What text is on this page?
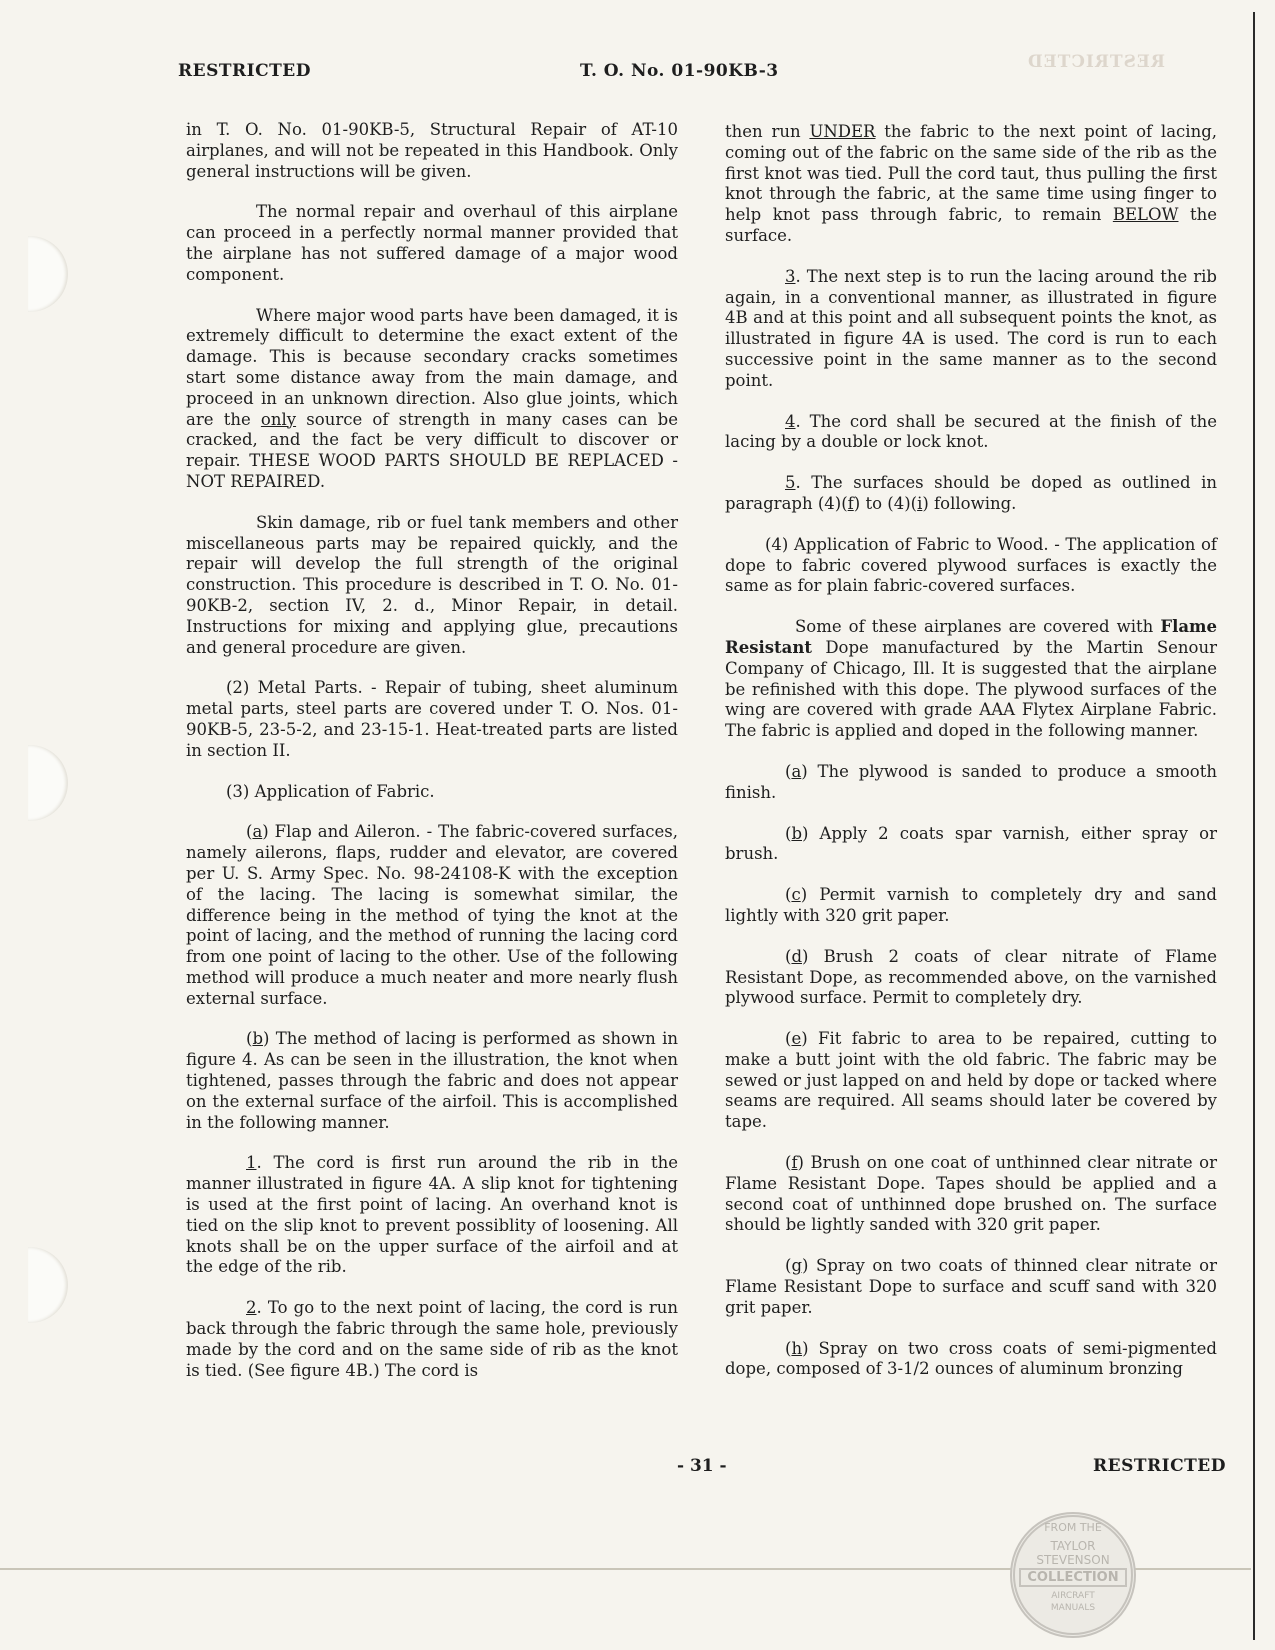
RESTRICTED	T. O. No. 01-90KB-3	RESTRICTED

in T. O. No. 01-90KB-5, Structural Repair of AT-10 airplanes, and will not be repeated in this Handbook. Only general instructions will be given.

The normal repair and overhaul of this airplane can proceed in a perfectly normal manner provided that the airplane has not suffered damage of a major wood component.

Where major wood parts have been damaged, it is extremely difficult to determine the exact extent of the damage. This is because secondary cracks sometimes start some distance away from the main damage, and proceed in an unknown direction. Also glue joints, which are the only source of strength in many cases can be cracked, and the fact be very difficult to discover or repair. THESE WOOD PARTS SHOULD BE REPLACED - NOT REPAIRED.

Skin damage, rib or fuel tank members and other miscellaneous parts may be repaired quickly, and the repair will develop the full strength of the original construction. This procedure is described in T. O. No. 01-90KB-2, section IV, 2. d., Minor Repair, in detail. Instructions for mixing and applying glue, precautions and general procedure are given.

(2) Metal Parts. - Repair of tubing, sheet aluminum metal parts, steel parts are covered under T. O. Nos. 01-90KB-5, 23-5-2, and 23-15-1. Heat-treated parts are listed in section II.

(3) Application of Fabric.

(a) Flap and Aileron. - The fabric-covered surfaces, namely ailerons, flaps, rudder and elevator, are covered per U. S. Army Spec. No. 98-24108-K with the exception of the lacing. The lacing is somewhat similar, the difference being in the method of tying the knot at the point of lacing, and the method of running the lacing cord from one point of lacing to the other. Use of the following method will produce a much neater and more nearly flush external surface.

(b) The method of lacing is performed as shown in figure 4. As can be seen in the illustration, the knot when tightened, passes through the fabric and does not appear on the external surface of the airfoil. This is accomplished in the following manner.

1. The cord is first run around the rib in the manner illustrated in figure 4A. A slip knot for tightening is used at the first point of lacing. An overhand knot is tied on the slip knot to prevent possiblity of loosening. All knots shall be on the upper surface of the airfoil and at the edge of the rib.

2. To go to the next point of lacing, the cord is run back through the fabric through the same hole, previously made by the cord and on the same side of rib as the knot is tied. (See figure 4B.) The cord is

then run UNDER the fabric to the next point of lacing, coming out of the fabric on the same side of the rib as the first knot was tied. Pull the cord taut, thus pulling the first knot through the fabric, at the same time using finger to help knot pass through fabric, to remain BELOW the surface.

3. The next step is to run the lacing around the rib again, in a conventional manner, as illustrated in figure 4B and at this point and all subsequent points the knot, as illustrated in figure 4A is used. The cord is run to each successive point in the same manner as to the second point.

4. The cord shall be secured at the finish of the lacing by a double or lock knot.

5. The surfaces should be doped as outlined in paragraph (4)(f) to (4)(i) following.

(4) Application of Fabric to Wood. - The application of dope to fabric covered plywood surfaces is exactly the same as for plain fabric-covered surfaces.

Some of these airplanes are covered with Flame Resistant Dope manufactured by the Martin Senour Company of Chicago, Ill. It is suggested that the airplane be refinished with this dope. The plywood surfaces of the wing are covered with grade AAA Flytex Airplane Fabric. The fabric is applied and doped in the following manner.

(a) The plywood is sanded to produce a smooth finish.

(b) Apply 2 coats spar varnish, either spray or brush.

(c) Permit varnish to completely dry and sand lightly with 320 grit paper.

(d) Brush 2 coats of clear nitrate of Flame Resistant Dope, as recommended above, on the varnished plywood surface. Permit to completely dry.

(e) Fit fabric to area to be repaired, cutting to make a butt joint with the old fabric. The fabric may be sewed or just lapped on and held by dope or tacked where seams are required. All seams should later be covered by tape.

(f) Brush on one coat of unthinned clear nitrate or Flame Resistant Dope. Tapes should be applied and a second coat of unthinned dope brushed on. The surface should be lightly sanded with 320 grit paper.

(g) Spray on two coats of thinned clear nitrate or Flame Resistant Dope to surface and scuff sand with 320 grit paper.

(h) Spray on two cross coats of semi-pigmented dope, composed of 3-1/2 ounces of aluminum bronzing

- 31 -	RESTRICTED
FROM THE
TAYLOR
STEVENSON
COLLECTION
AIRCRAFT
MANUALS
